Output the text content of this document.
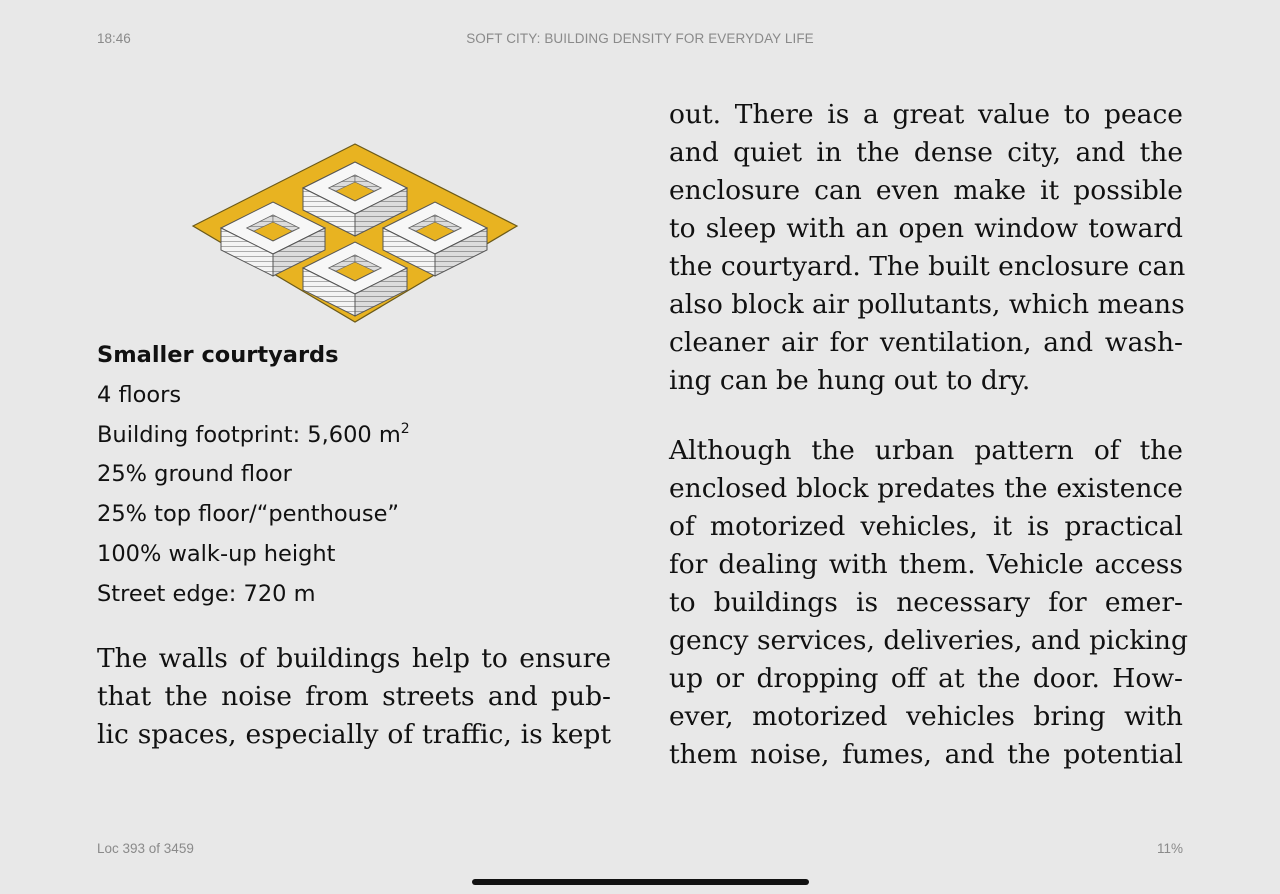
18:46	SOFT CITY: BUILDING DENSITY FOR EVERYDAY LIFE
Smaller courtyards
4 floors
Building footprint: 5,600 $m^2$
25% ground floor
25% top floor/“penthouse”
100% walk-up height
Street edge: 720 m
The walls of buildings help to ensure
that the noise from streets and pub-
lic spaces, especially of traffic, is kept
out. There is a great value to peace
and quiet in the dense city, and the
enclosure can even make it possible
to sleep with an open window toward
the courtyard. The built enclosure can
also block air pollutants, which means
cleaner air for ventilation, and wash-
ing can be hung out to dry.
Although the urban pattern of the
enclosed block predates the existence
of motorized vehicles, it is practical
for dealing with them. Vehicle access
to buildings is necessary for emer-
gency services, deliveries, and picking
up or dropping off at the door. How-
ever, motorized vehicles bring with
them noise, fumes, and the potential
Loc 393 of 3459	11%
